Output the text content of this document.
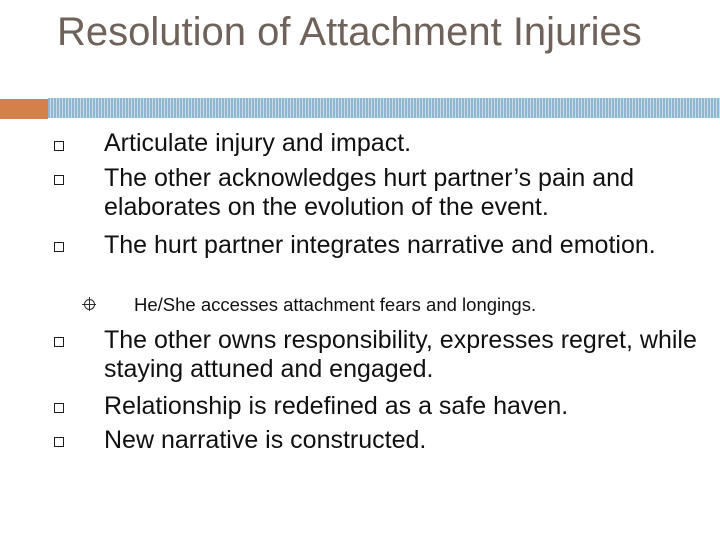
Resolution of Attachment Injuries
Articulate injury and impact.
The other acknowledges hurt partner’s pain and elaborates on the evolution of the event.
The hurt partner integrates narrative and emotion.
He/She accesses attachment fears and longings.
The other owns responsibility, expresses regret, while staying attuned and engaged.
Relationship is redefined as a safe haven.
New narrative is constructed.
